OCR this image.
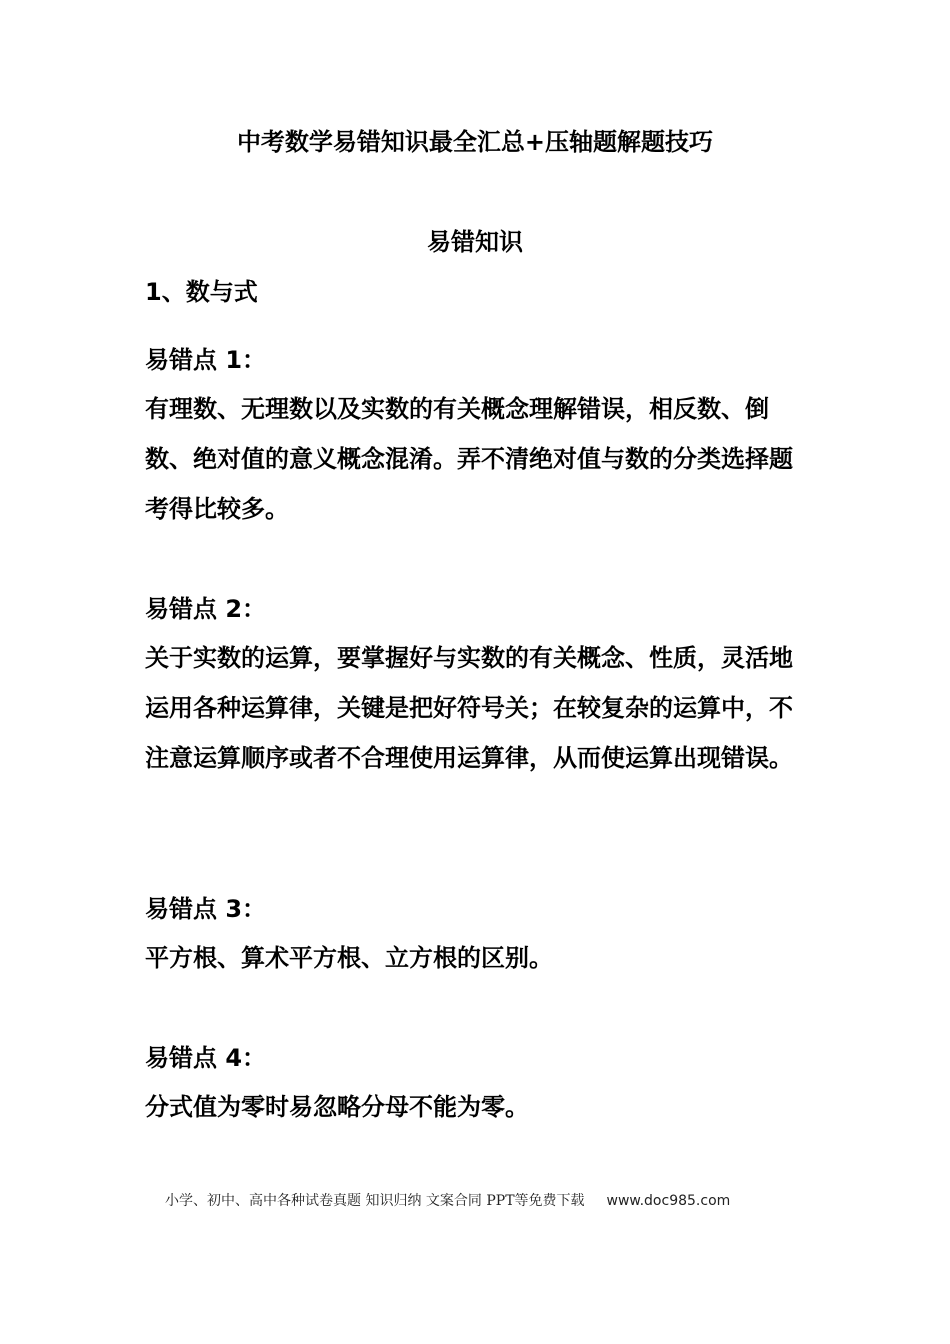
中考数学易错知识最全汇总+压轴题解题技巧
易错知识
1、数与式

易错点 1：

有理数、无理数以及实数的有关概念理解错误，相反数、倒数、绝对值的意义概念混淆。弄不清绝对值与数的分类选择题考得比较多。

易错点 2：

关于实数的运算，要掌握好与实数的有关概念、性质，灵活地运用各种运算律，关键是把好符号关；在较复杂的运算中，不注意运算顺序或者不合理使用运算律，从而使运算出现错误。

易错点 3：

平方根、算术平方根、立方根的区别。

易错点 4：

分式值为零时易忽略分母不能为零。

小学、初中、高中各种试卷真题 知识归纳 文案合同 PPT等免费下载 www.doc985.com
